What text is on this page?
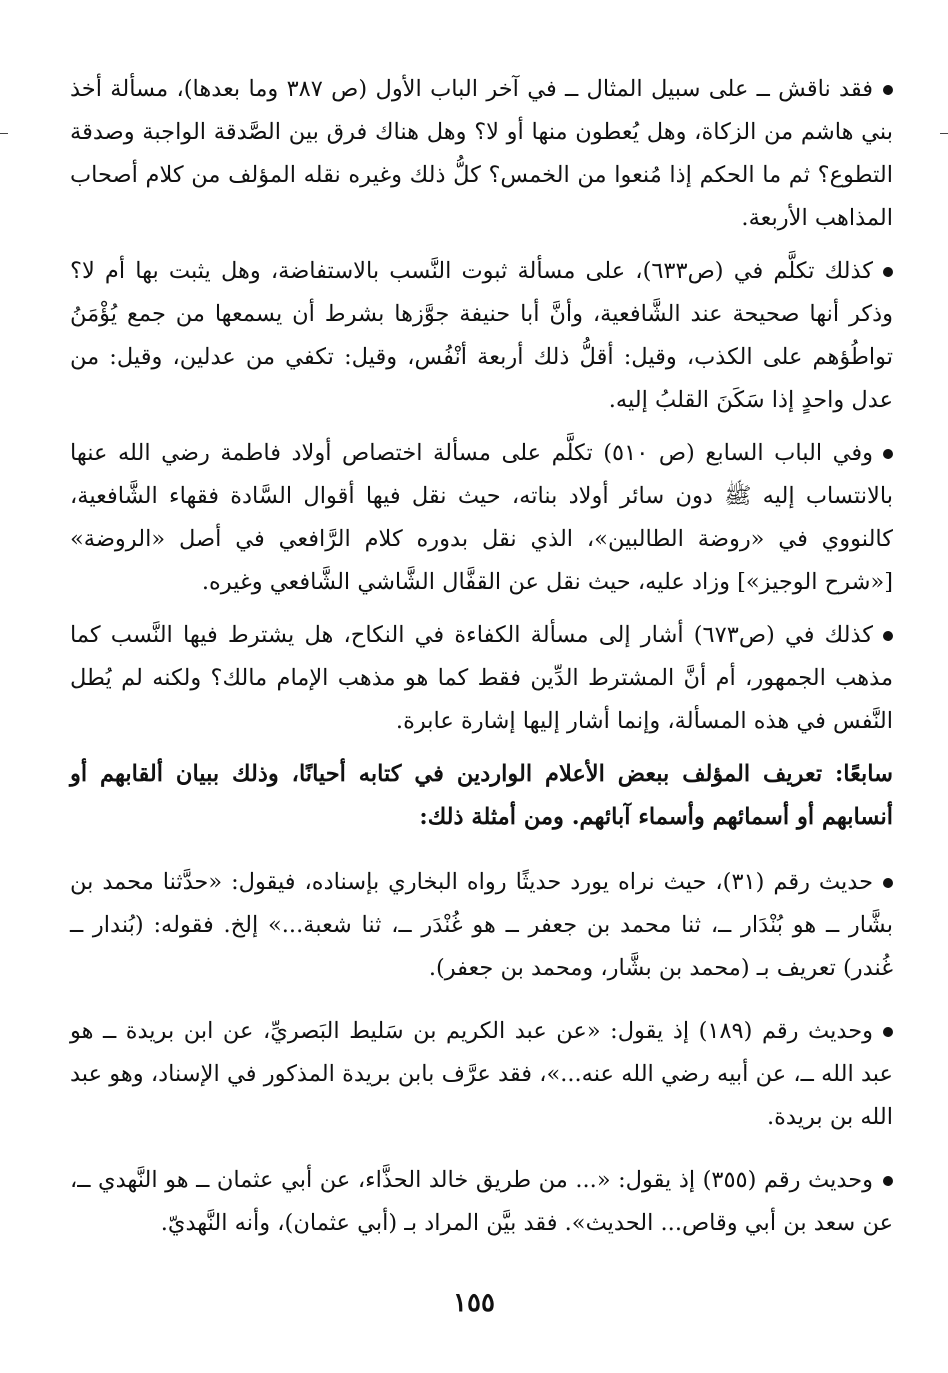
فقد ناقش ــ على سبيل المثال ــ في آخر الباب الأول (ص ٣٨٧ وما بعدها)، مسألة أخذ بني هاشم من الزكاة، وهل يُعطون منها أو لا؟ وهل هناك فرق بين الصَّدقة الواجبة وصدقة التطوع؟ ثم ما الحكم إذا مُنعوا من الخمس؟ كلُّ ذلك وغيره نقله المؤلف من كلام أصحاب المذاهب الأربعة.

كذلك تكلَّم في (ص٦٣٣)، على مسألة ثبوت النَّسب بالاستفاضة، وهل يثبت بها أم لا؟ وذكر أنها صحيحة عند الشَّافعية، وأنَّ أبا حنيفة جوَّزها بشرط أن يسمعها من جمع يُؤْمَنُ تواطُؤهم على الكذب، وقيل: أقلُّ ذلك أربعة أنْفُس، وقيل: تكفي من عدلين، وقيل: من عدل واحدٍ إذا سَكَنَ القلبُ إليه.

وفي الباب السابع (ص ٥١٠) تكلَّم على مسألة اختصاص أولاد فاطمة رضي الله عنها بالانتساب إليه ﷺ دون سائر أولاد بناته، حيث نقل فيها أقوال السَّادة فقهاء الشَّافعية، كالنووي في «روضة الطالبين»، الذي نقل بدوره كلام الرَّافعي في أصل «الروضة» [«شرح الوجيز»] وزاد عليه، حيث نقل عن القفَّال الشَّاشي الشَّافعي وغيره.

كذلك في (ص٦٧٣) أشار إلى مسألة الكفاءة في النكاح، هل يشترط فيها النَّسب كما مذهب الجمهور، أم أنَّ المشترط الدِّين فقط كما هو مذهب الإمام مالك؟ ولكنه لم يُطل النَّفس في هذه المسألة، وإنما أشار إليها إشارة عابرة.

سابعًا: تعريف المؤلف ببعض الأعلام الواردين في كتابه أحيانًا، وذلك ببيان ألقابهم أو أنسابهم أو أسمائهم وأسماء آبائهم. ومن أمثلة ذلك:

حديث رقم (٣١)، حيث نراه يورد حديثًا رواه البخاري بإسناده، فيقول: «حدَّثنا محمد بن بشَّار ــ هو بُنْدَار ــ، ثنا محمد بن جعفر ــ هو غُنْدَر ــ، ثنا شعبة...» إلخ. فقوله: (بُندار ــ غُندر) تعريف بـ (محمد بن بشَّار، ومحمد بن جعفر).

وحديث رقم (١٨٩) إذ يقول: «عن عبد الكريم بن سَليط البَصريِّ، عن ابن بريدة ــ هو عبد الله ــ، عن أبيه رضي الله عنه...»، فقد عرَّف بابن بريدة المذكور في الإسناد، وهو عبد الله بن بريدة.

وحديث رقم (٣٥٥) إذ يقول: «... من طريق خالد الحذَّاء، عن أبي عثمان ــ هو النَّهدي ــ، عن سعد بن أبي وقاص... الحديث». فقد بيَّن المراد بـ (أبي عثمان)، وأنه النَّهديّ.

١٥٥
